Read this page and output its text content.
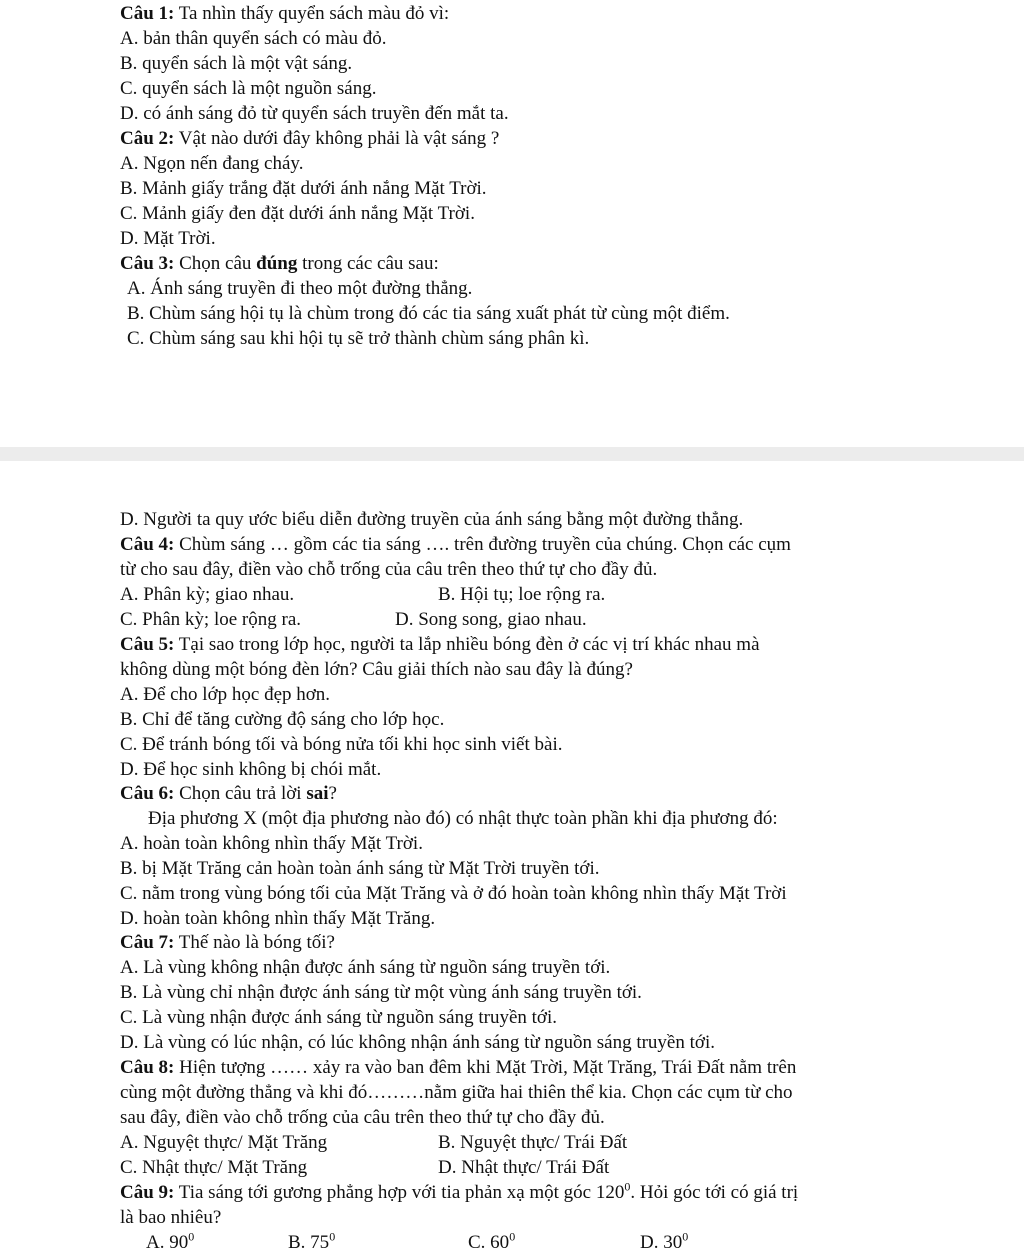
Câu 1: Ta nhìn thấy quyển sách màu đỏ vì:
A. bản thân quyển sách có màu đỏ.
B. quyển sách là một vật sáng.
C. quyển sách là một nguồn sáng.
D. có ánh sáng đỏ từ quyển sách truyền đến mắt ta.
Câu 2: Vật nào dưới đây không phải là vật sáng ?
A. Ngọn nến đang cháy.
B. Mảnh giấy trắng đặt dưới ánh nắng Mặt Trời.
C. Mảnh giấy đen đặt dưới ánh nắng Mặt Trời.
D. Mặt Trời.
Câu 3: Chọn câu đúng trong các câu sau:
A. Ánh sáng truyền đi theo một đường thẳng.
B. Chùm sáng hội tụ là chùm trong đó các tia sáng xuất phát từ cùng một điểm.
C. Chùm sáng sau khi hội tụ sẽ trở thành chùm sáng phân kì.
D. Người ta quy ước biểu diễn đường truyền của ánh sáng bằng một đường thẳng.
Câu 4: Chùm sáng … gồm các tia sáng …. trên đường truyền của chúng. Chọn các cụm
từ cho sau đây, điền vào chỗ trống của câu trên theo thứ tự cho đầy đủ.
A. Phân kỳ; giao nhau.	B. Hội tụ; loe rộng ra.
C. Phân kỳ; loe rộng ra.	D. Song song, giao nhau.
Câu 5: Tại sao trong lớp học, người ta lắp nhiều bóng đèn ở các vị trí khác nhau mà
không dùng một bóng đèn lớn? Câu giải thích nào sau đây là đúng?
A. Để cho lớp học đẹp hơn.
B. Chỉ để tăng cường độ sáng cho lớp học.
C. Để tránh bóng tối và bóng nửa tối khi học sinh viết bài.
D. Để học sinh không bị chói mắt.
Câu 6: Chọn câu trả lời sai?
Địa phương X (một địa phương nào đó) có nhật thực toàn phần khi địa phương đó:
A. hoàn toàn không nhìn thấy Mặt Trời.
B. bị Mặt Trăng cản hoàn toàn ánh sáng từ Mặt Trời truyền tới.
C. nằm trong vùng bóng tối của Mặt Trăng và ở đó hoàn toàn không nhìn thấy Mặt Trời
D. hoàn toàn không nhìn thấy Mặt Trăng.
Câu 7: Thế nào là bóng tối?
A. Là vùng không nhận được ánh sáng từ nguồn sáng truyền tới.
B. Là vùng chỉ nhận được ánh sáng từ một vùng ánh sáng truyền tới.
C. Là vùng nhận được ánh sáng từ nguồn sáng truyền tới.
D. Là vùng có lúc nhận, có lúc không nhận ánh sáng từ nguồn sáng truyền tới.
Câu 8: Hiện tượng …… xảy ra vào ban đêm khi Mặt Trời, Mặt Trăng, Trái Đất nằm trên
cùng một đường thẳng và khi đó………nằm giữa hai thiên thể kia. Chọn các cụm từ cho
sau đây, điền vào chỗ trống của câu trên theo thứ tự cho đầy đủ.
A. Nguyệt thực/ Mặt Trăng	B. Nguyệt thực/ Trái Đất
C. Nhật thực/ Mặt Trăng	D. Nhật thực/ Trái Đất
Câu 9: Tia sáng tới gương phẳng hợp với tia phản xạ một góc $120^0$. Hỏi góc tới có giá trị
là bao nhiêu?
A. $90^0$	B. $75^0$	C. $60^0$	D. $30^0$
